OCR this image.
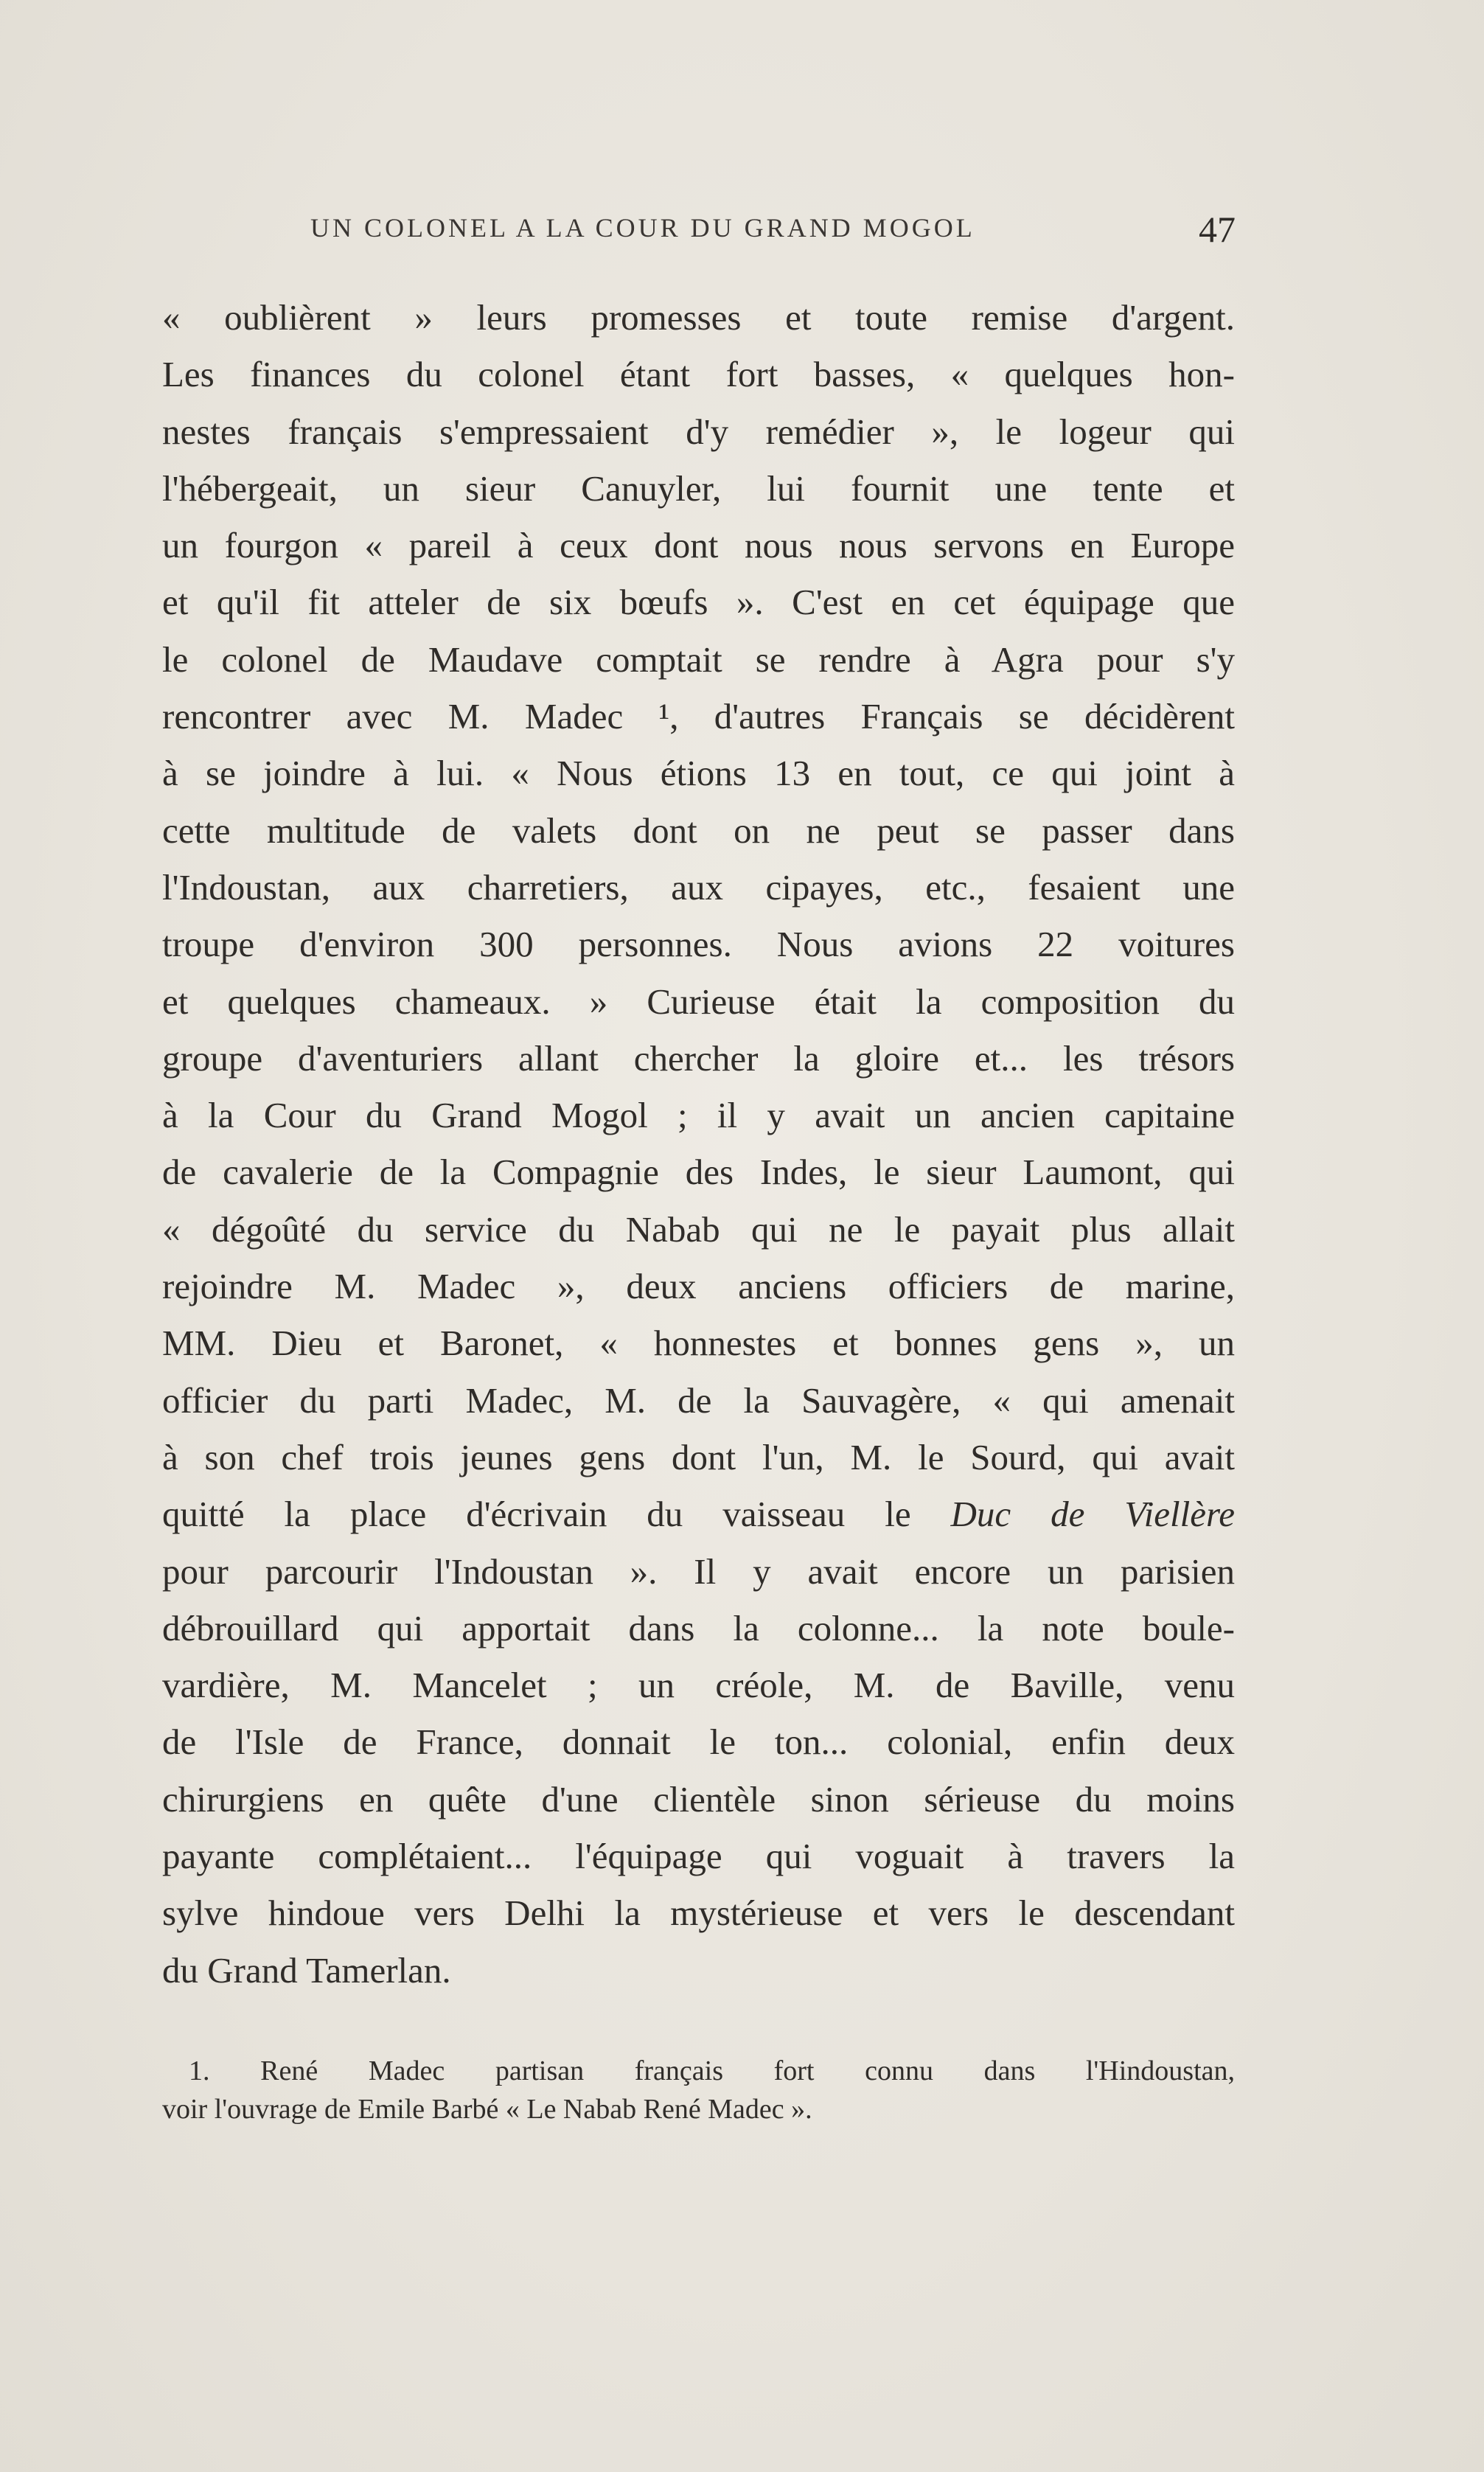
UN COLONEL A LA COUR DU GRAND MOGOL	47
« oublièrent » leurs promesses et toute remise d'argent.
Les finances du colonel étant fort basses, « quelques hon-
nestes français s'empressaient d'y remédier », le logeur qui
l'hébergeait, un sieur Canuyler, lui fournit une tente et
un fourgon « pareil à ceux dont nous nous servons en Europe
et qu'il fit atteler de six bœufs ». C'est en cet équipage que
le colonel de Maudave comptait se rendre à Agra pour s'y
rencontrer avec M. Madec ¹, d'autres Français se décidèrent
à se joindre à lui. « Nous étions 13 en tout, ce qui joint à
cette multitude de valets dont on ne peut se passer dans
l'Indoustan, aux charretiers, aux cipayes, etc., fesaient une
troupe d'environ 300 personnes. Nous avions 22 voitures
et quelques chameaux. » Curieuse était la composition du
groupe d'aventuriers allant chercher la gloire et... les trésors
à la Cour du Grand Mogol ; il y avait un ancien capitaine
de cavalerie de la Compagnie des Indes, le sieur Laumont, qui
« dégoûté du service du Nabab qui ne le payait plus allait
rejoindre M. Madec », deux anciens officiers de marine,
MM. Dieu et Baronet, « honnestes et bonnes gens », un
officier du parti Madec, M. de la Sauvagère, « qui amenait
à son chef trois jeunes gens dont l'un, M. le Sourd, qui avait
quitté la place d'écrivain du vaisseau le Duc de Viellère
pour parcourir l'Indoustan ». Il y avait encore un parisien
débrouillard qui apportait dans la colonne... la note boule-
vardière, M. Mancelet ; un créole, M. de Baville, venu
de l'Isle de France, donnait le ton... colonial, enfin deux
chirurgiens en quête d'une clientèle sinon sérieuse du moins
payante complétaient... l'équipage qui voguait à travers la
sylve hindoue vers Delhi la mystérieuse et vers le descendant
du Grand Tamerlan.
1. René Madec partisan français fort connu dans l'Hindoustan,
voir l'ouvrage de Emile Barbé « Le Nabab René Madec ».
